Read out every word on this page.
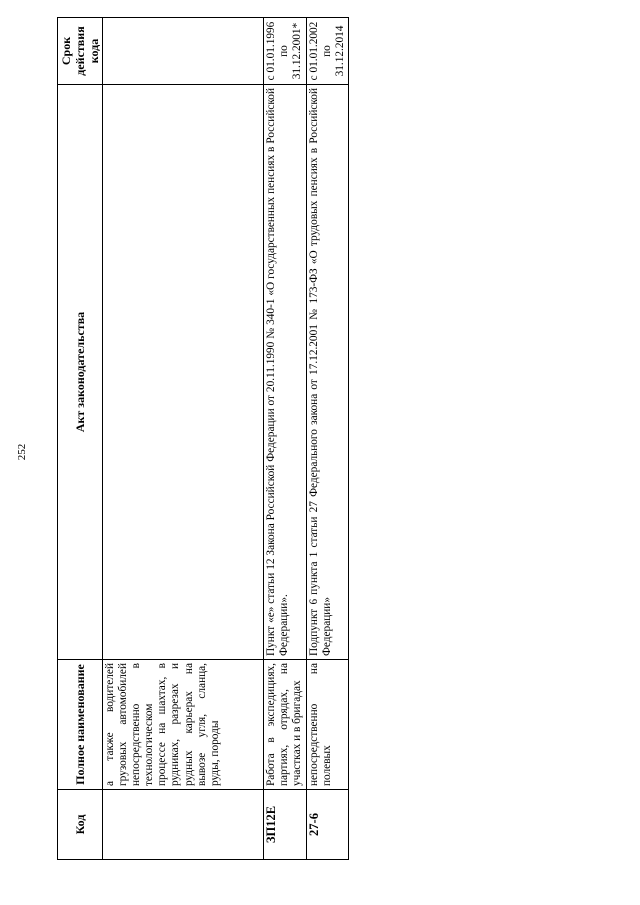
252
Код	Полное наименование	Акт законодательства	Срок действия кода
	а также водителей грузовых автомобилей непосредственно в технологическом процессе на шахтах, в рудниках, разрезах и рудных карьерах на вывозе угля, сланца, руды, породы		
ЗП12Е	Работа в экспедициях, партиях, отрядах, на участках и в бригадах	Пункт «е» статьи 12 Закона Российской Федерации от 20.11.1990 № 340-1 «О государственных пенсиях в Российской Федерации».	с 01.01.1996 по 31.12.2001*
27-6	непосредственно на полевых	Подпункт 6 пункта 1 статьи 27 Федерального закона от 17.12.2001 № 173-ФЗ «О трудовых пенсиях в Российской Федерации»	с 01.01.2002 по 31.12.2014
